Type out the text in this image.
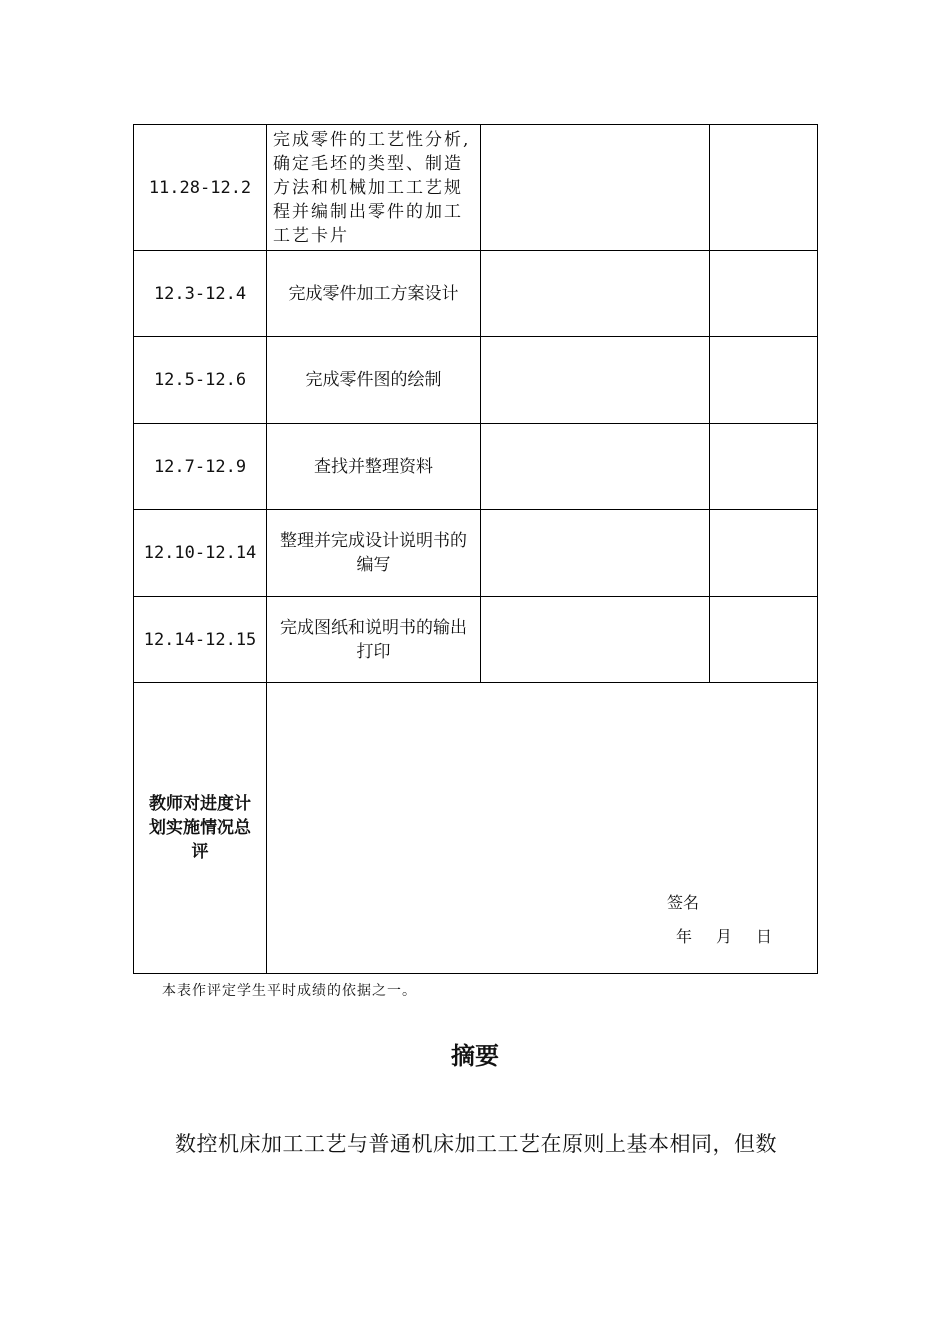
11.28-12.2	完成零件的工艺性分析,确定毛坯的类型、制造方法和机械加工工艺规程并编制出零件的加工工艺卡片		
12.3-12.4	完成零件加工方案设计		
12.5-12.6	完成零件图的绘制		
12.7-12.9	查找并整理资料		
12.10-12.14	整理并完成设计说明书的编写		
12.14-12.15	完成图纸和说明书的输出打印		
教师对进度计划实施情况总评	签名
年 月 日		
本表作评定学生平时成绩的依据之一。
摘要
数控机床加工工艺与普通机床加工工艺在原则上基本相同，但数
